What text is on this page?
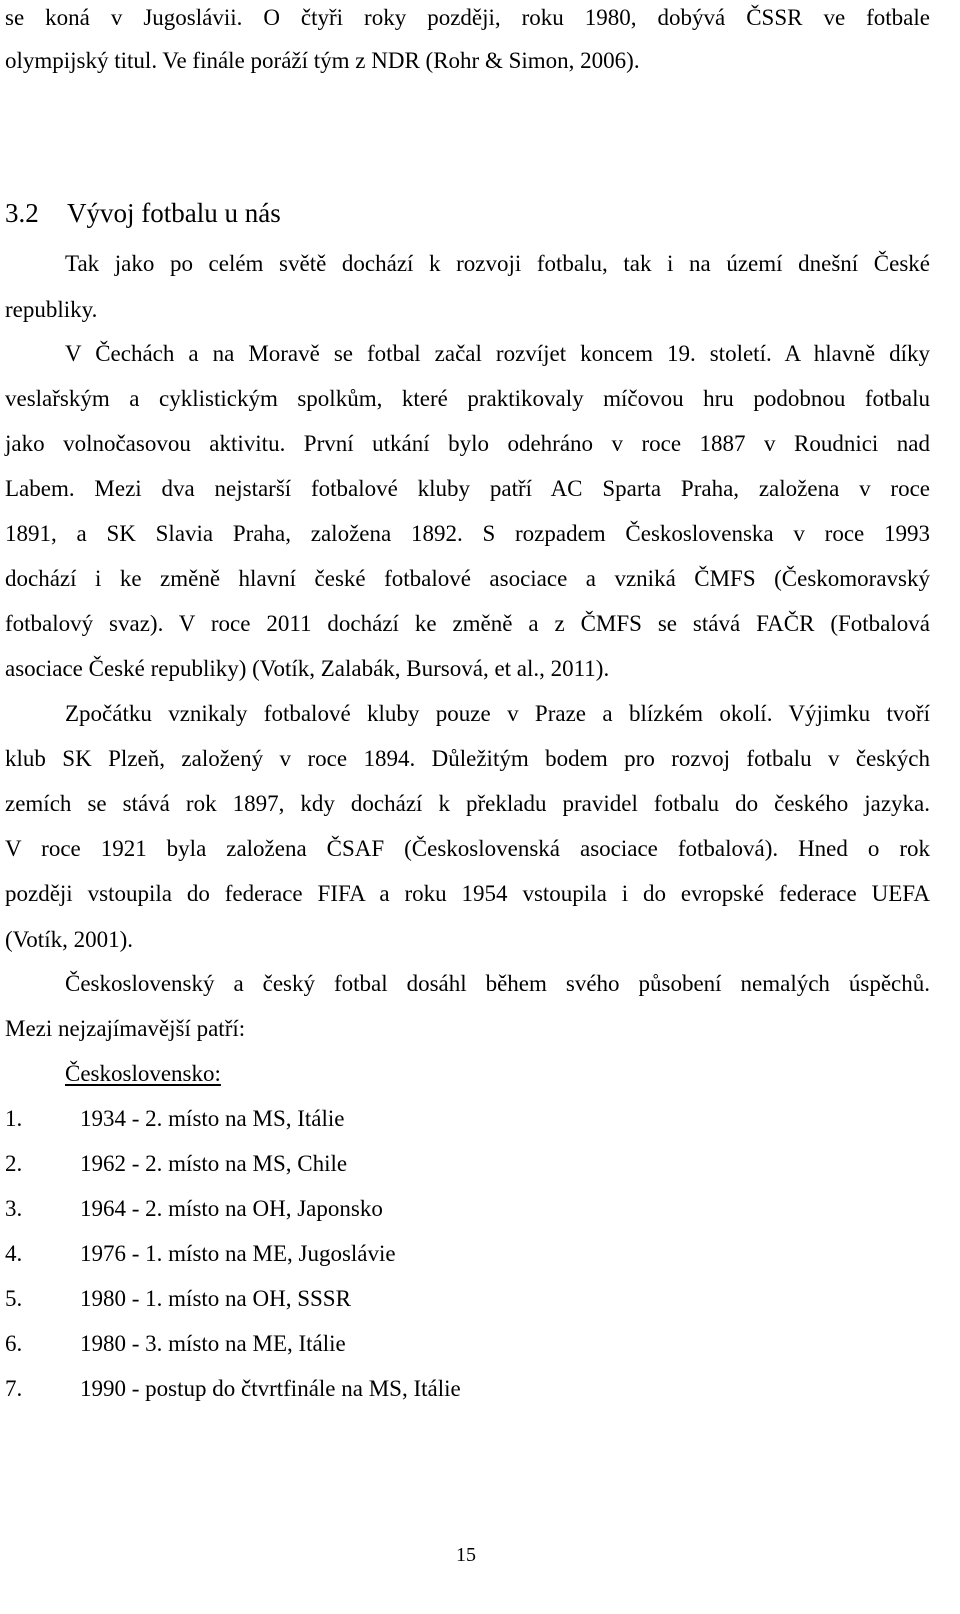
se koná v Jugoslávii. O čtyři roky později, roku 1980, dobývá ČSSR ve fotbale
olympijský titul. Ve finále poráží tým z NDR (Rohr & Simon, 2006).
3.2 Vývoj fotbalu u nás
Tak jako po celém světě dochází k rozvoji fotbalu, tak i na území dnešní České
republiky.
V Čechách a na Moravě se fotbal začal rozvíjet koncem 19. století. A hlavně díky
veslařským a cyklistickým spolkům, které praktikovaly míčovou hru podobnou fotbalu
jako volnočasovou aktivitu. První utkání bylo odehráno v roce 1887 v Roudnici nad
Labem. Mezi dva nejstarší fotbalové kluby patří AC Sparta Praha, založena v roce
1891, a SK Slavia Praha, založena 1892. S rozpadem Československa v roce 1993
dochází i ke změně hlavní české fotbalové asociace a vzniká ČMFS (Českomoravský
fotbalový svaz). V roce 2011 dochází ke změně a z ČMFS se stává FAČR (Fotbalová
asociace České republiky) (Votík, Zalabák, Bursová, et al., 2011).
Zpočátku vznikaly fotbalové kluby pouze v Praze a blízkém okolí. Výjimku tvoří
klub SK Plzeň, založený v roce 1894. Důležitým bodem pro rozvoj fotbalu v českých
zemích se stává rok 1897, kdy dochází k překladu pravidel fotbalu do českého jazyka.
V roce 1921 byla založena ČSAF (Československá asociace fotbalová). Hned o rok
později vstoupila do federace FIFA a roku 1954 vstoupila i do evropské federace UEFA
(Votík, 2001).
Československý a český fotbal dosáhl během svého působení nemalých úspěchů.
Mezi nejzajímavější patří:
Československo:
1.	1934 - 2. místo na MS, Itálie
2.	1962 - 2. místo na MS, Chile
3.	1964 - 2. místo na OH, Japonsko
4.	1976 - 1. místo na ME, Jugoslávie
5.	1980 - 1. místo na OH, SSSR
6.	1980 - 3. místo na ME, Itálie
7.	1990 - postup do čtvrtfinále na MS, Itálie
15
